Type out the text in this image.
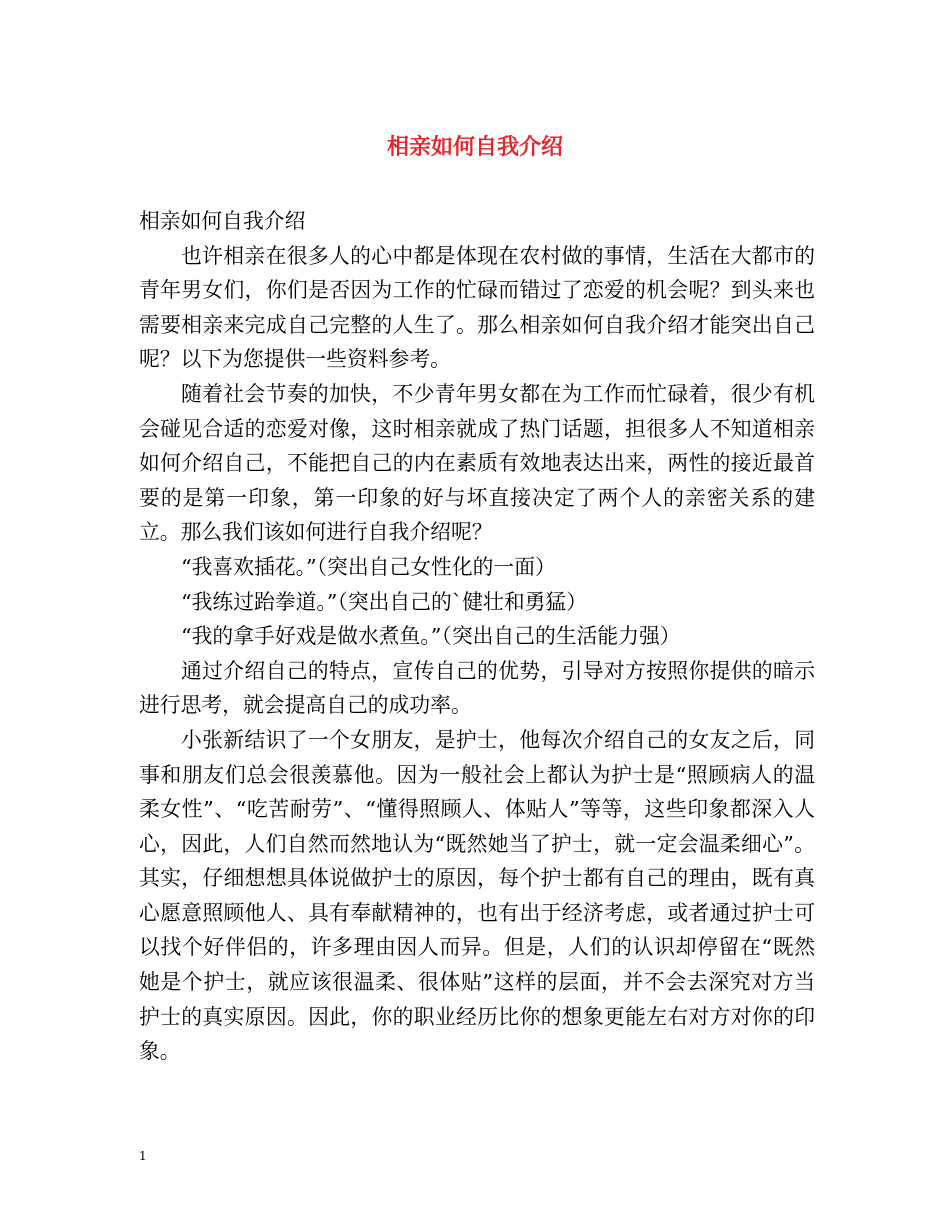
相亲如何自我介绍

相亲如何自我介绍

也许相亲在很多人的心中都是体现在农村做的事情，生活在大都市的青年男女们，你们是否因为工作的忙碌而错过了恋爱的机会呢？到头来也需要相亲来完成自己完整的人生了。那么相亲如何自我介绍才能突出自己呢？以下为您提供一些资料参考。

随着社会节奏的加快，不少青年男女都在为工作而忙碌着，很少有机会碰见合适的恋爱对像，这时相亲就成了热门话题，担很多人不知道相亲如何介绍自己，不能把自己的内在素质有效地表达出来，两性的接近最首要的是第一印象，第一印象的好与坏直接决定了两个人的亲密关系的建立。那么我们该如何进行自我介绍呢？

“我喜欢插花。”（突出自己女性化的一面）

“我练过跆拳道。”（突出自己的`健壮和勇猛）

“我的拿手好戏是做水煮鱼。”（突出自己的生活能力强）

通过介绍自己的特点，宣传自己的优势，引导对方按照你提供的暗示进行思考，就会提高自己的成功率。

小张新结识了一个女朋友，是护士，他每次介绍自己的女友之后，同事和朋友们总会很羡慕他。因为一般社会上都认为护士是“照顾病人的温柔女性”、“吃苦耐劳”、“懂得照顾人、体贴人”等等，这些印象都深入人心，因此，人们自然而然地认为“既然她当了护士，就一定会温柔细心”。其实，仔细想想具体说做护士的原因，每个护士都有自己的理由，既有真心愿意照顾他人、具有奉献精神的，也有出于经济考虑，或者通过护士可以找个好伴侣的，许多理由因人而异。但是，人们的认识却停留在“既然她是个护士，就应该很温柔、很体贴”这样的层面，并不会去深究对方当护士的真实原因。因此，你的职业经历比你的想象更能左右对方对你的印象。

1
